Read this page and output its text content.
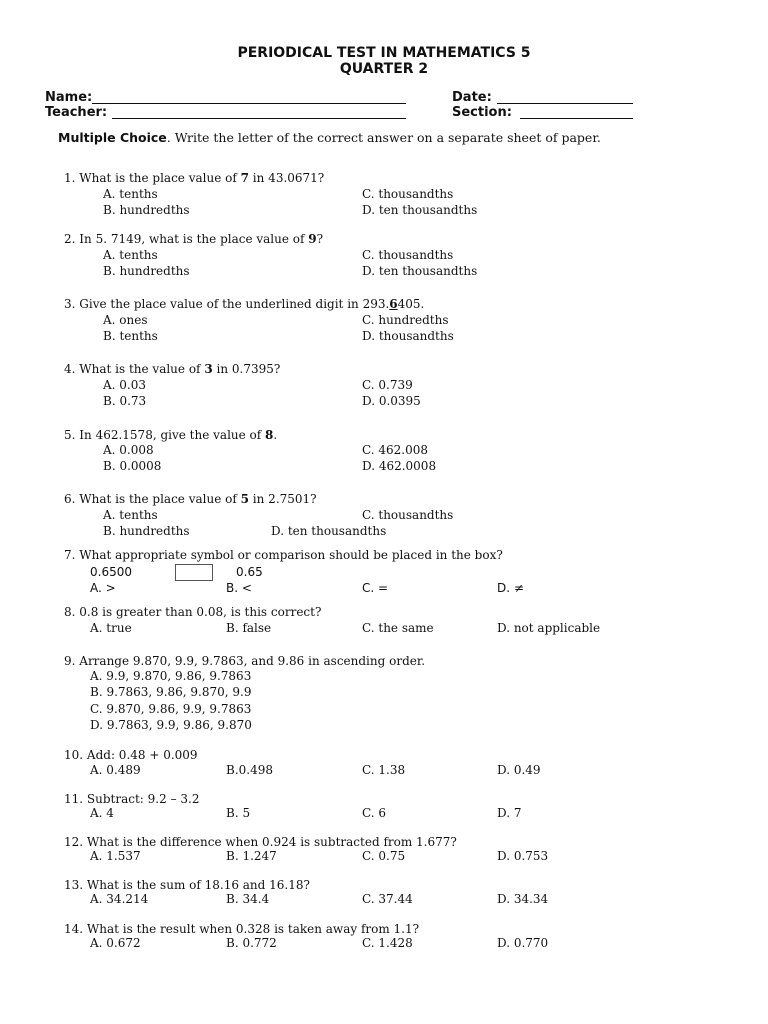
PERIODICAL TEST IN MATHEMATICS 5
QUARTER 2
Name:
Teacher:
Date:
Section:
Multiple Choice. Write the letter of the correct answer on a separate sheet of paper.
1. What is the place value of 7 in 43.0671?
A. tenths	C. thousandths
B. hundredths	D. ten thousandths
2. In 5. 7149, what is the place value of 9?
A. tenths	C. thousandths
B. hundredths	D. ten thousandths
3. Give the place value of the underlined digit in 293.6405.
A. ones	C. hundredths
B. tenths	D. thousandths
4. What is the value of 3 in 0.7395?
A. 0.03	C. 0.739
B. 0.73	D. 0.0395
5. In 462.1578, give the value of 8.
A. 0.008	C. 462.008
B. 0.0008	D. 462.0008
6. What is the place value of 5 in 2.7501?
A. tenths	C. thousandths
B. hundredths	D. ten thousandths
7. What appropriate symbol or comparison should be placed in the box?
0.6500	0.65
A. >	B. <	C. =	D. ≠
8. 0.8 is greater than 0.08, is this correct?
A. true	B. false	C. the same	D. not applicable
9. Arrange 9.870, 9.9, 9.7863, and 9.86 in ascending order.
A. 9.9, 9.870, 9.86, 9.7863
B. 9.7863, 9.86, 9.870, 9.9
C. 9.870, 9.86, 9.9, 9.7863
D. 9.7863, 9.9, 9.86, 9.870
10. Add: 0.48 + 0.009
A. 0.489	B.0.498	C. 1.38	D. 0.49
11. Subtract: 9.2 – 3.2
A. 4	B. 5	C. 6	D. 7
12. What is the difference when 0.924 is subtracted from 1.677?
A. 1.537	B. 1.247	C. 0.75	D. 0.753
13. What is the sum of 18.16 and 16.18?
A. 34.214	B. 34.4	C. 37.44	D. 34.34
14. What is the result when 0.328 is taken away from 1.1?
A. 0.672	B. 0.772	C. 1.428	D. 0.770
